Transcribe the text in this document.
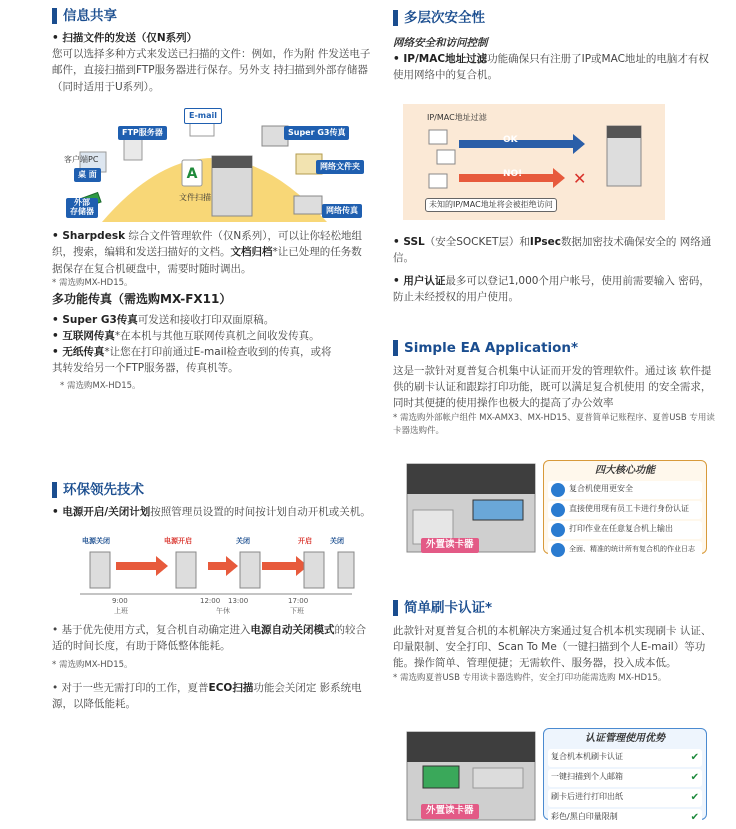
信息共享
• 扫描文件的发送（仅N系列）

您可以选择多种方式来发送已扫描的文件：例如，作为附 件发送电子邮件，直接扫描到FTP服务器进行保存。另外支 持扫描到外部存储器（同时适用于U系列）。

A
FTP服务器
E-mail
Super G3传真
客户端PC
桌 面
网络文件夹
外部
存储器
文件扫描
网络传真

• Sharpdesk 综合文件管理软件（仅N系列），可以让你轻松地组织，搜索，编辑和发送扫描好的文档。文档归档*让已处理的任务数据保存在复合机硬盘中，需要时随时调出。

* 需选购MX-HD15。
多功能传真（需选购MX-FX11）

• Super G3传真可发送和接收打印双面原稿。

• 互联网传真*在本机与其他互联网传真机之间收发传真。

• 无纸传真*让您在打印前通过E-mail检查收到的传真，或将

其转发给另一个FTP服务器，传真机等。

* 需选购MX-HD15。
环保领先技术

• 电源开启/关闭计划按照管理员设置的时间按计划自动开机或关机。

电源关闭	电源开启	关闭	开启	关闭
9:00	12:00 13:00	17:00
上班	午休	下班

• 基于优先使用方式，复合机自动确定进入电源自动关闭模式的较合适的时间长度，有助于降低整体能耗。

* 需选购MX-HD15。

• 对于一些无需打印的工作，夏普ECO扫描功能会关闭定 影系统电源，以降低能耗。

多层次安全性
网络安全和访问控制

• IP/MAC地址过滤功能确保只有注册了IP或MAC地址的电脑才有权使用网络中的复合机。

IP/MAC地址过滤
✕
OK
NO!
未知的IP/MAC地址将会被拒绝访问

• SSL（安全SOCKET层）和IPsec数据加密技术确保安全的 网络通信。

• 用户认证最多可以登记1,000个用户帐号，使用前需要输入 密码，防止未经授权的用户使用。

Simple EA Application*

这是一款针对夏普复合机集中认证而开发的管理软件。通过该 软件提供的刷卡认证和跟踪打印功能，既可以满足复合机使用 的安全需求，同时其便捷的使用操作也极大的提高了办公效率

* 需选购外部帐户组件 MX-AMX3、MX-HD15、夏普简单记账程序、夏普USB 专用读卡器选购件。
外置读卡器
四大核心功能
复合机使用更安全
直接使用现有员工卡进行身份认证
打印作业在任意复合机上输出
全面、精准的统计所有复合机的作业日志
简单刷卡认证*

此款针对夏普复合机的本机解决方案通过复合机本机实现刷卡 认证、印量限制、安全打印、Scan To Me（一键扫描到个人E-mail）等功能。操作简单、管理便捷；无需软件、服务器，投入成本低。

* 需选购夏普USB 专用读卡器选购件，安全打印功能需选购 MX-HD15。
外置读卡器
认证管理使用优势
复合机本机刷卡认证	✔
一键扫描到个人邮箱	✔
刷卡后进行打印出纸	✔
彩色/黑白印量限制	✔
